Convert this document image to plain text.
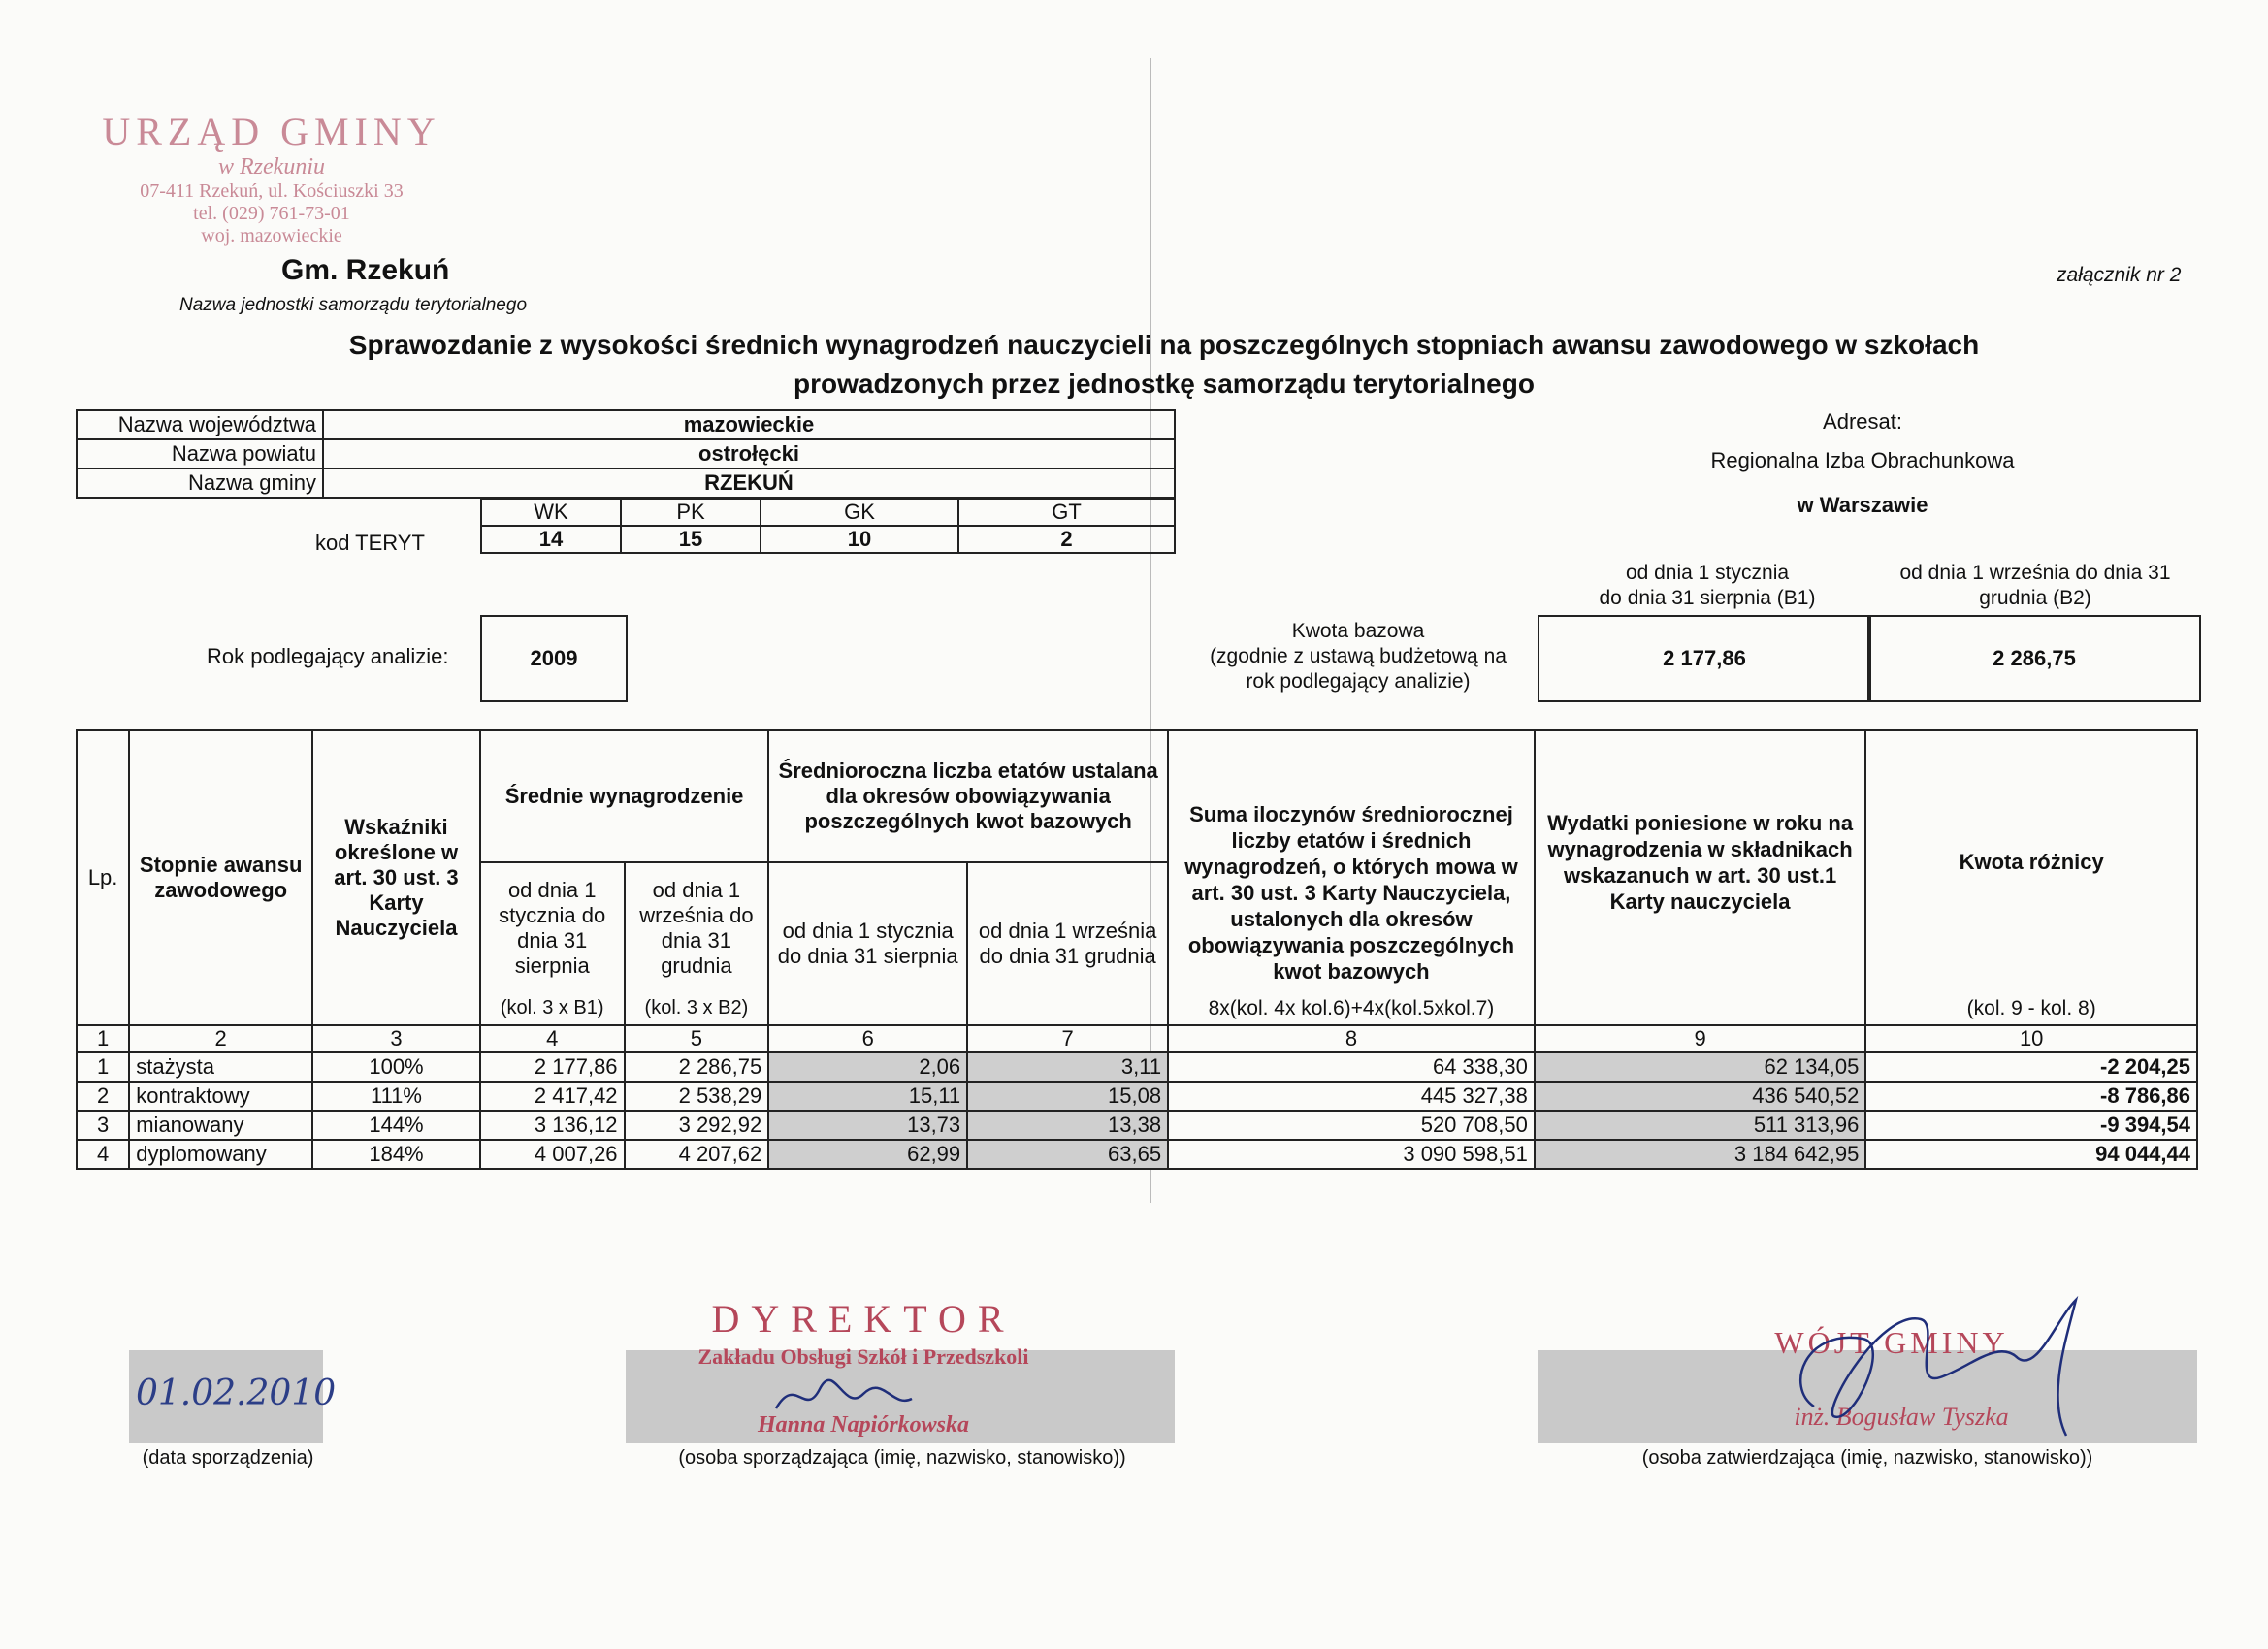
URZĄD GMINY
w Rzekuniu
07-411 Rzekuń, ul. Kościuszki 33
tel. (029) 761-73-01
woj. mazowieckie
Gm. Rzekuń
Nazwa jednostki samorządu terytorialnego
załącznik nr 2
Sprawozdanie z wysokości średnich wynagrodzeń nauczycieli na poszczególnych stopniach awansu zawodowego w szkołach
prowadzonych przez jednostkę samorządu terytorialnego
Nazwa województwa	mazowieckie
Nazwa powiatu	ostrołęcki
Nazwa gminy	RZEKUŃ
kod TERYT
WK	PK	GK	GT
14	15	10	2
Adresat:
Regionalna Izba Obrachunkowa
w Warszawie
Rok podlegający analizie:	2009
Kwota bazowa
(zgodnie z ustawą budżetową na
rok podlegający analizie)
od dnia 1 stycznia
do dnia 31 sierpnia (B1)
od dnia 1 września do dnia 31
grudnia (B2)
2 177,86	2 286,75
Lp.	Stopnie awansu zawodowego	Wskaźniki określone w art. 30 ust. 3 Karty Nauczyciela	Średnie wynagrodzenie		Średnioroczna liczba etatów ustalana dla okresów obowiązywania poszczególnych kwot bazowych		Suma iloczynów średniorocznej liczby etatów i średnich wynagrodzeń, o których mowa w art. 30 ust. 3 Karty Nauczyciela, ustalonych dla okresów obowiązywania poszczególnych kwot bazowych	Wydatki poniesione w roku na wynagrodzenia w składnikach wskazanuch w art. 30 ust.1 Karty nauczyciela	Kwota różnicy
			od dnia 1 stycznia do dnia 31 sierpnia	od dnia 1 września do dnia 31 grudnia	od dnia 1 stycznia do dnia 31 sierpnia	od dnia 1 września do dnia 31 grudnia			
			(kol. 3 x B1)	(kol. 3 x B2)			8x(kol. 4x kol.6)+4x(kol.5xkol.7)		(kol. 9 - kol. 8)
1	2	3	4	5	6	7	8	9	10
1	stażysta	100%	2 177,86	2 286,75	2,06	3,11	64 338,30	62 134,05	-2 204,25
2	kontraktowy	111%	2 417,42	2 538,29	15,11	15,08	445 327,38	436 540,52	-8 786,86
3	mianowany	144%	3 136,12	3 292,92	13,73	13,38	520 708,50	511 313,96	-9 394,54
4	dyplomowany	184%	4 007,26	4 207,62	62,99	63,65	3 090 598,51	3 184 642,95	94 044,44
01.02.2010
(data sporządzenia)
DYREKTOR
Zakładu Obsługi Szkół i Przedszkoli
Hanna Napiórkowska
(osoba sporządzająca (imię, nazwisko, stanowisko))
WÓJT GMINY
inż. Bogusław Tyszka
(osoba zatwierdzająca (imię, nazwisko, stanowisko))
